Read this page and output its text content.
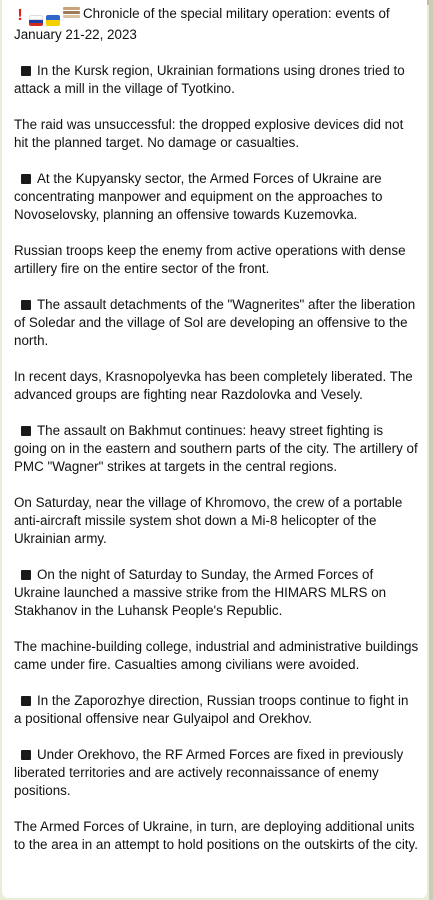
!	Chronicle of the special military operation: events of January 21-22, 2023

In the Kursk region, Ukrainian formations using drones tried to attack a mill in the village of Tyotkino.

The raid was unsuccessful: the dropped explosive devices did not hit the planned target. No damage or casualties.

At the Kupyansky sector, the Armed Forces of Ukraine are concentrating manpower and equipment on the approaches to Novoselovsky, planning an offensive towards Kuzemovka.

Russian troops keep the enemy from active operations with dense artillery fire on the entire sector of the front.

The assault detachments of the "Wagnerites" after the liberation of Soledar and the village of Sol are developing an offensive to the north.

In recent days, Krasnopolyevka has been completely liberated. The advanced groups are fighting near Razdolovka and Vesely.

The assault on Bakhmut continues: heavy street fighting is going on in the eastern and southern parts of the city. The artillery of PMC "Wagner" strikes at targets in the central regions.

On Saturday, near the village of Khromovo, the crew of a portable anti-aircraft missile system shot down a Mi-8 helicopter of the Ukrainian army.

On the night of Saturday to Sunday, the Armed Forces of Ukraine launched a massive strike from the HIMARS MLRS on Stakhanov in the Luhansk People's Republic.

The machine-building college, industrial and administrative buildings came under fire. Casualties among civilians were avoided.

In the Zaporozhye direction, Russian troops continue to fight in a positional offensive near Gulyaipol and Orekhov.

Under Orekhovo, the RF Armed Forces are fixed in previously liberated territories and are actively reconnaissance of enemy positions.

The Armed Forces of Ukraine, in turn, are deploying additional units to the area in an attempt to hold positions on the outskirts of the city.
